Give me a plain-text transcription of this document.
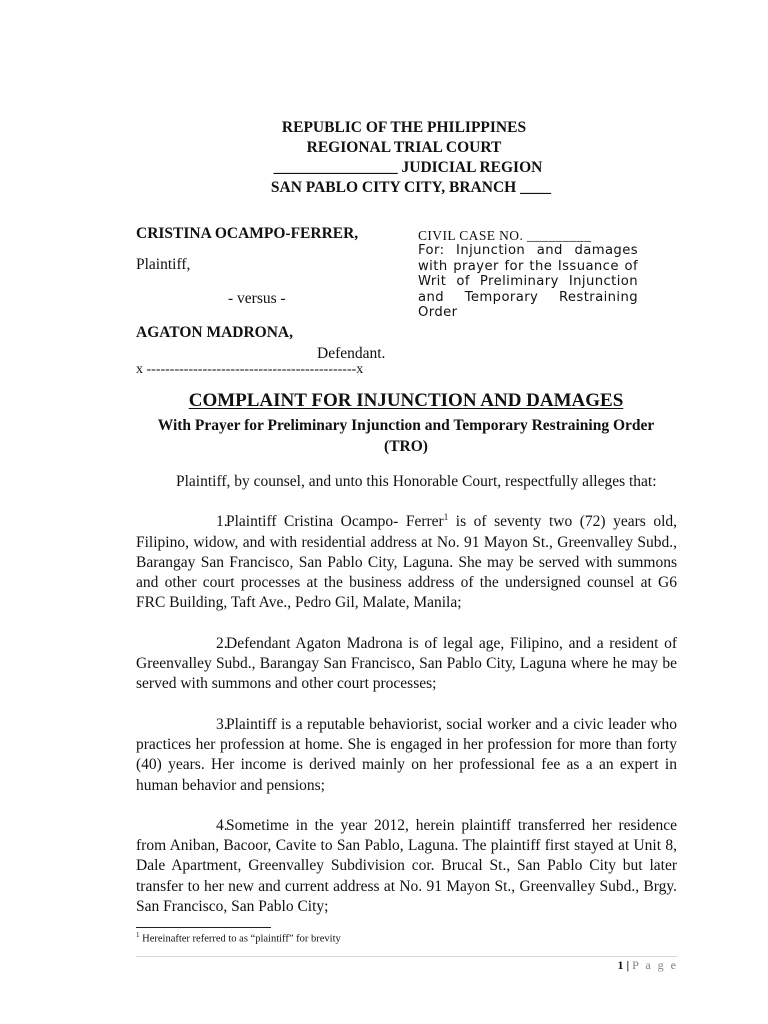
REPUBLIC OF THE PHILIPPINES
REGIONAL TRIAL COURT
________________ JUDICIAL REGION
SAN PABLO CITY CITY, BRANCH ____
CRISTINA OCAMPO-FERRER,
Plaintiff,
- versus -
AGATON MADRONA,
Defendant.
x ---------------------------------------------x
CIVIL CASE NO. _________
For: Injunction and damages with prayer for the Issuance of Writ of Preliminary Injunction and Temporary Restraining Order
COMPLAINT FOR INJUNCTION AND DAMAGES
With Prayer for Preliminary Injunction and Temporary Restraining Order (TRO)

Plaintiff, by counsel, and unto this Honorable Court, respectfully alleges that:

1.Plaintiff Cristina Ocampo- Ferrer$^1$ is of seventy two (72) years old, Filipino, widow, and with residential address at No. 91 Mayon St., Greenvalley Subd., Barangay San Francisco, San Pablo City, Laguna. She may be served with summons and other court processes at the business address of the undersigned counsel at G6 FRC Building, Taft Ave., Pedro Gil, Malate, Manila;

2.Defendant Agaton Madrona is of legal age, Filipino, and a resident of Greenvalley Subd., Barangay San Francisco, San Pablo City, Laguna where he may be served with summons and other court processes;

3.Plaintiff is a reputable behaviorist, social worker and a civic leader who practices her profession at home. She is engaged in her profession for more than forty (40) years. Her income is derived mainly on her professional fee as a an expert in human behavior and pensions;

4.Sometime in the year 2012, herein plaintiff transferred her residence from Aniban, Bacoor, Cavite to San Pablo, Laguna. The plaintiff first stayed at Unit 8, Dale Apartment, Greenvalley Subdivision cor. Brucal St., San Pablo City but later transfer to her new and current address at No. 91 Mayon St., Greenvalley Subd., Brgy. San Francisco, San Pablo City;

$^1$ Hereinafter referred to as “plaintiff” for brevity
1 | P a g e
